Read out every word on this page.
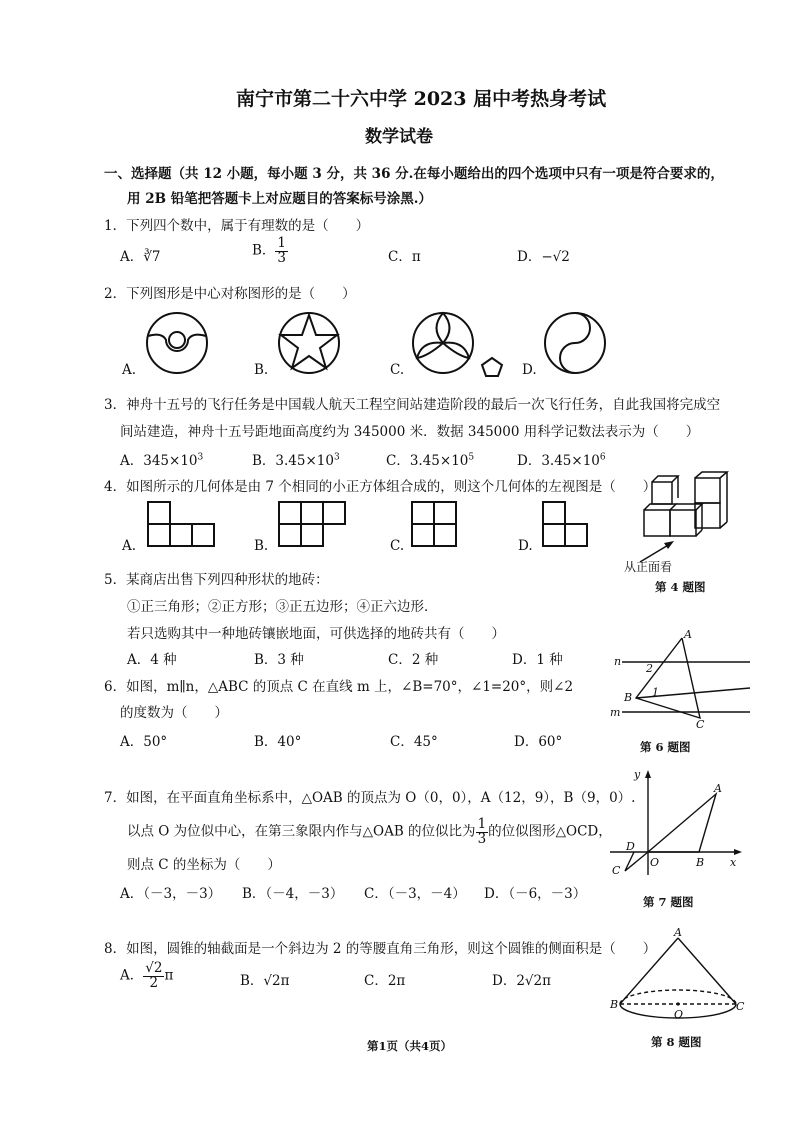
南宁市第二十六中学 2023 届中考热身考试
数学试卷
一、选择题（共 12 小题，每小题 3 分，共 36 分.在每小题给出的四个选项中只有一项是符合要求的，
用 2B 铅笔把答题卡上对应题目的答案标号涂黑.）
1．下列四个数中，属于有理数的是（　　）
A．∛7	B． $\frac{1}{3}$	C．π	D．−√2
2．下列图形是中心对称图形的是（　　）
A.	B.	C.	D.
3．神舟十五号的飞行任务是中国载人航天工程空间站建造阶段的最后一次飞行任务，自此我国将完成空
间站建造，神舟十五号距地面高度约为 345000 米．数据 345000 用科学记数法表示为（　　）
A．$345\times 10^3$	B．$3.45\times 10^3$	C．$3.45\times 10^5$	D．$3.45\times 10^6$
4．如图所示的几何体是由 7 个相同的小正方体组合成的，则这个几何体的左视图是（　　）
A.	B.	C.	D.
从正面看
第 4 题图
5．某商店出售下列四种形状的地砖：
①正三角形；②正方形；③正五边形；④正六边形．
若只选购其中一种地砖镶嵌地面，可供选择的地砖共有（　　）
A．4 种	B．3 种	C．2 种	D．1 种
6．如图，m∥n，△ABC 的顶点 C 在直线 m 上，∠B=70°，∠1=20°，则∠2
的度数为（　　）
A．50°	B．40°	C．45°	D．60°
A
B
C
n
m
2
1
第 6 题图
7．如图，在平面直角坐标系中，△OAB 的顶点为 O（0，0），A（12，9），B（9，0）.
以点 O 为位似中心，在第三象限内作与△OAB 的位似比为 $\frac{1}{3}$ 的位似图形△OCD，
则点 C 的坐标为（　　）
A．（－3，－3） B．（－4，－3） C．（－3，－4） D．（－6，－3）
y
x
A
B
O
D
C
第 7 题图
8．如图，圆锥的轴截面是一个斜边为 2 的等腰直角三角形，则这个圆锥的侧面积是（　　）
A． $\frac{√2}{2}$ π	B．√2π	C．2π	D．2√2π
A
B	C
O
第 8 题图
第1页（共4页）
